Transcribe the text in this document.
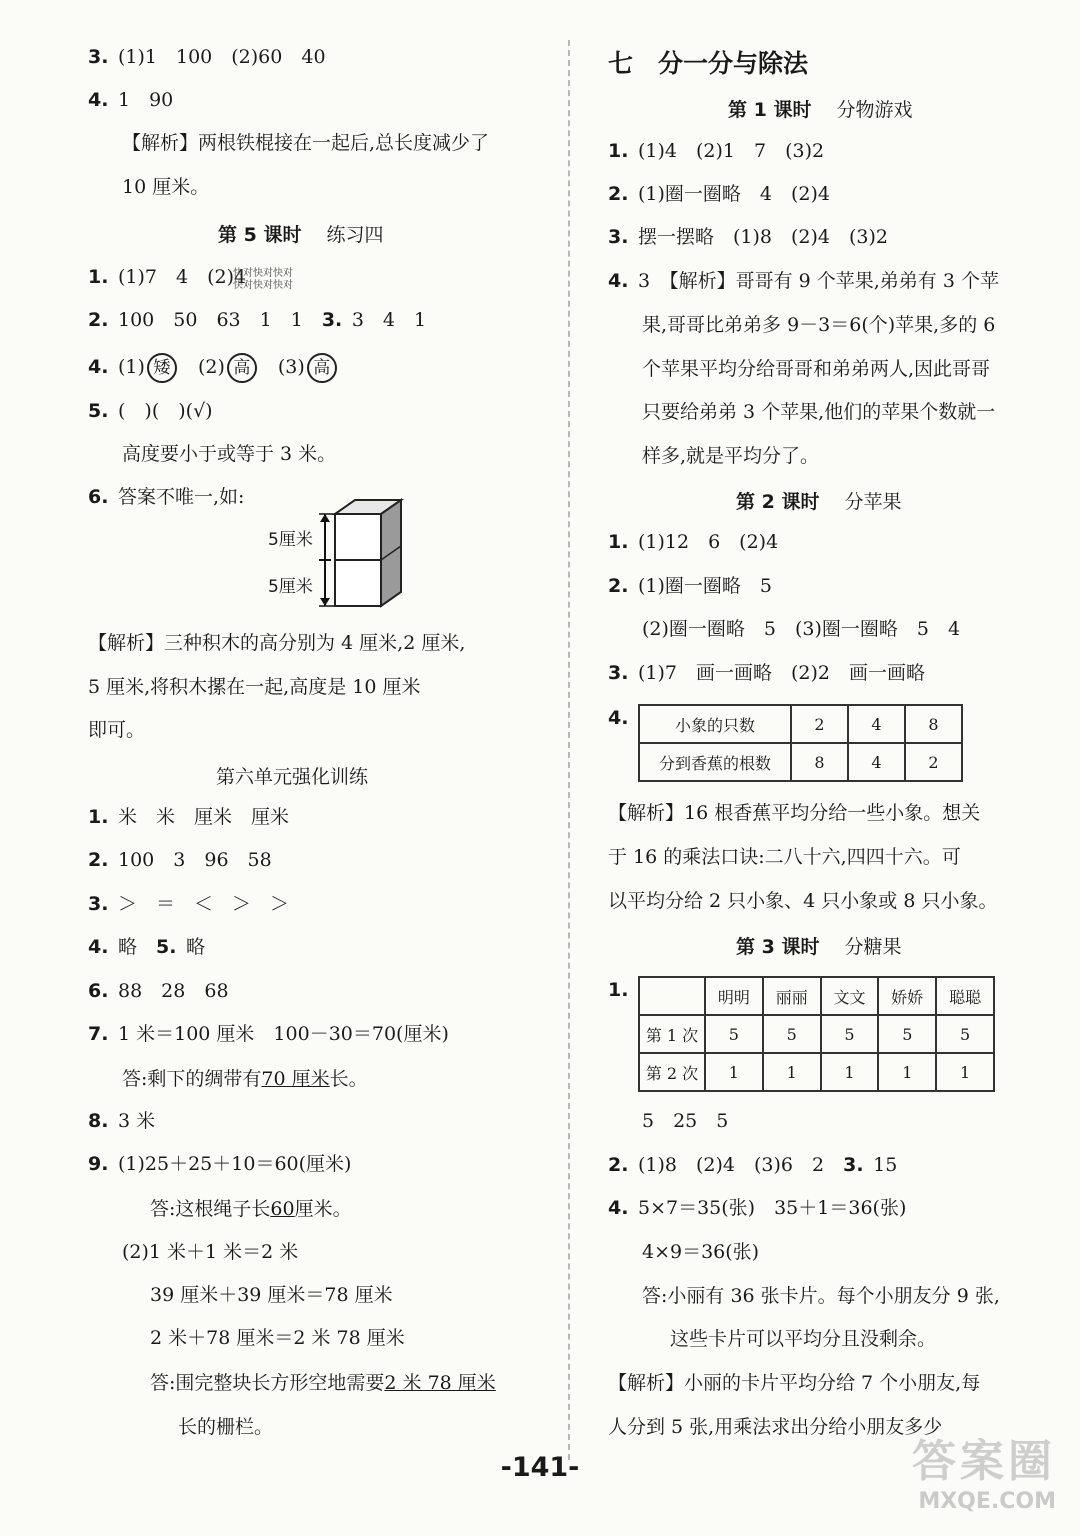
3. (1)1　100　(2)60　40
4. 1　90
【解析】两根铁棍接在一起后,总长度减少了
10 厘米。
第 5 课时　 练习四
1. (1)7　4　(2)4
快对快对快对
快对快对快对
2. 100　50　63　1　1　 3. 3　4　1
4. (1) 矮　 (2) 高　 (3) 高
5. (　)(　)(√)
高度要小于或等于 3 米。
6. 答案不唯一,如:
5厘米
5厘米
【解析】三种积木的高分别为 4 厘米,2 厘米,
5 厘米,将积木摞在一起,高度是 10 厘米
即可。
第六单元强化训练
1. 米　米　厘米　厘米
2. 100　3　96　58
3. ＞　＝　＜　＞　＞
4. 略　 5. 略
6. 88　28　68
7. 1 米＝100 厘米　100－30＝70(厘米)
答:剩下的绸带有70 厘米长。
8. 3 米
9. (1)25＋25＋10＝60(厘米)
答:这根绳子长60厘米。
(2)1 米＋1 米＝2 米
39 厘米＋39 厘米＝78 厘米
2 米＋78 厘米＝2 米 78 厘米
答:围完整块长方形空地需要2 米 78 厘米
长的栅栏。
七　分一分与除法
第 1 课时　 分物游戏
1. (1)4　(2)1　7　(3)2
2. (1)圈一圈略　4　(2)4
3. 摆一摆略　(1)8　(2)4　(3)2
4. 3　【解析】哥哥有 9 个苹果,弟弟有 3 个苹
果,哥哥比弟弟多 9－3＝6(个)苹果,多的 6
个苹果平均分给哥哥和弟弟两人,因此哥哥
只要给弟弟 3 个苹果,他们的苹果个数就一
样多,就是平均分了。
第 2 课时　 分苹果
1. (1)12　6　(2)4
2. (1)圈一圈略　5
(2)圈一圈略　5　(3)圈一圈略　5　4
3. (1)7　画一画略　(2)2　画一画略
4.	小象的只数	2	4	8
分到香蕉的根数	8	4	2
【解析】16 根香蕉平均分给一些小象。想关
于 16 的乘法口诀:二八十六,四四十六。可
以平均分给 2 只小象、4 只小象或 8 只小象。
第 3 课时　 分糖果
1.
		明明	丽丽	文文	娇娇	聪聪
第 1 次	5	5	5	5	5
第 2 次	1	1	1	1	1
5　25　5
2. (1)8　(2)4　(3)6　2　 3. 15
4. 5×7＝35(张)　35＋1＝36(张)
4×9＝36(张)
答:小丽有 36 张卡片。每个小朋友分 9 张,
这些卡片可以平均分且没剩余。
【解析】小丽的卡片平均分给 7 个小朋友,每
人分到 5 张,用乘法求出分给小朋友多少
-141-	答案圈
MXQE.COM
